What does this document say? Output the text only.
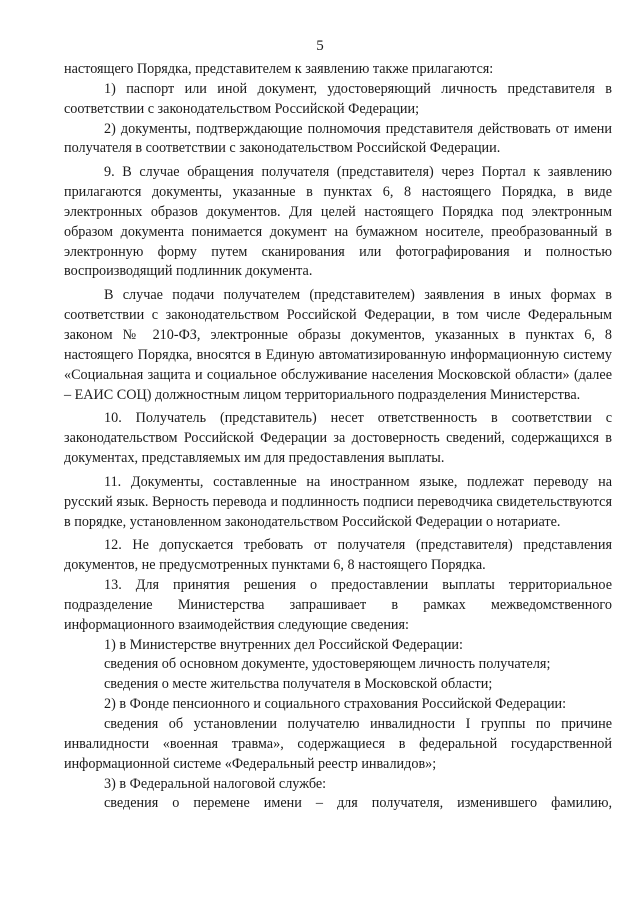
5

настоящего Порядка, представителем к заявлению также прилагаются:

1) паспорт или иной документ, удостоверяющий личность представителя в соответствии с законодательством Российской Федерации;

2) документы, подтверждающие полномочия представителя действовать от имени получателя в соответствии с законодательством Российской Федерации.

9. В случае обращения получателя (представителя) через Портал к заявлению прилагаются документы, указанные в пунктах 6, 8 настоящего Порядка, в виде электронных образов документов. Для целей настоящего Порядка под электронным образом документа понимается документ на бумажном носителе, преобразованный в электронную форму путем сканирования или фотографирования и полностью воспроизводящий подлинник документа.

В случае подачи получателем (представителем) заявления в иных формах в соответствии с законодательством Российской Федерации, в том числе Федеральным законом № 210-ФЗ, электронные образы документов, указанных в пунктах 6, 8 настоящего Порядка, вносятся в Единую автоматизированную информационную систему «Социальная защита и социальное обслуживание населения Московской области» (далее – ЕАИС СОЦ) должностным лицом территориального подразделения Министерства.

10. Получатель (представитель) несет ответственность в соответствии с законодательством Российской Федерации за достоверность сведений, содержащихся в документах, представляемых им для предоставления выплаты.

11. Документы, составленные на иностранном языке, подлежат переводу на русский язык. Верность перевода и подлинность подписи переводчика свидетельствуются в порядке, установленном законодательством Российской Федерации о нотариате.

12. Не допускается требовать от получателя (представителя) представления документов, не предусмотренных пунктами 6, 8 настоящего Порядка.

13. Для принятия решения о предоставлении выплаты территориальное подразделение Министерства запрашивает в рамках межведомственного информационного взаимодействия следующие сведения:

1) в Министерстве внутренних дел Российской Федерации:

сведения об основном документе, удостоверяющем личность получателя;

сведения о месте жительства получателя в Московской области;

2) в Фонде пенсионного и социального страхования Российской Федерации:

сведения об установлении получателю инвалидности I группы по причине инвалидности «военная травма», содержащиеся в федеральной государственной информационной системе «Федеральный реестр инвалидов»;

3) в Федеральной налоговой службе:

сведения о перемене имени – для получателя, изменившего фамилию,
